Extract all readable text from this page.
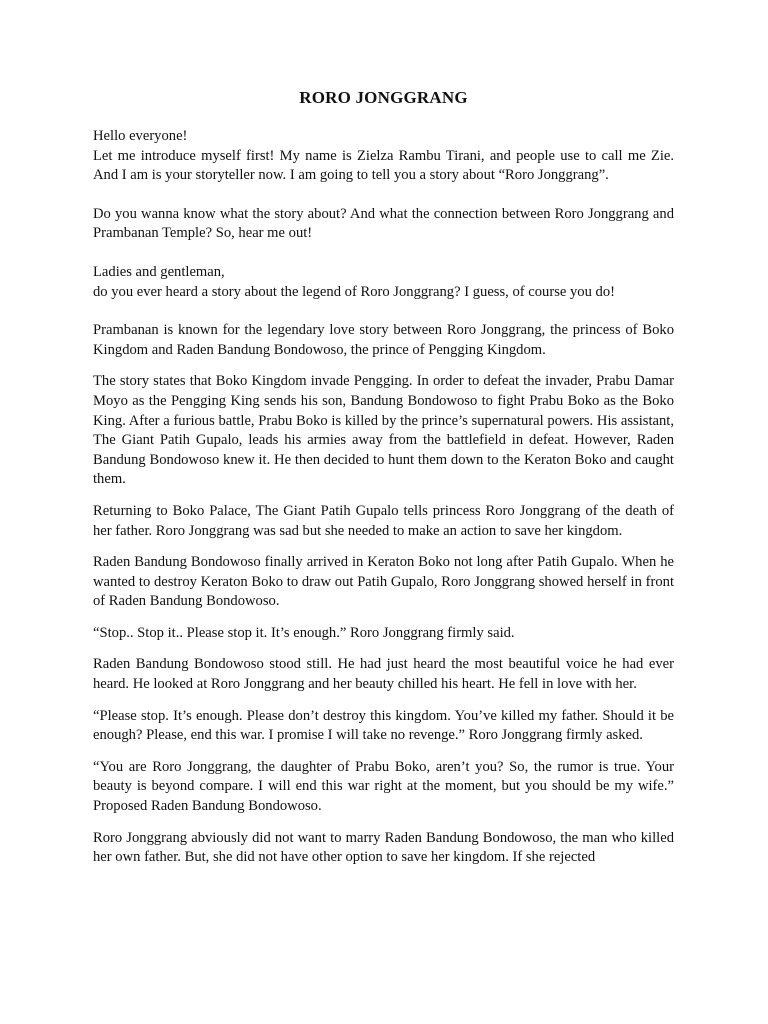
RORO JONGGRANG

Hello everyone!

Let me introduce myself first! My name is Zielza Rambu Tirani, and people use to call me Zie. And I am is your storyteller now. I am going to tell you a story about “Roro Jonggrang”.

Do you wanna know what the story about? And what the connection between Roro Jonggrang and Prambanan Temple? So, hear me out!

Ladies and gentleman,

do you ever heard a story about the legend of Roro Jonggrang? I guess, of course you do!

Prambanan is known for the legendary love story between Roro Jonggrang, the princess of Boko Kingdom and Raden Bandung Bondowoso, the prince of Pengging Kingdom.

The story states that Boko Kingdom invade Pengging. In order to defeat the invader, Prabu Damar Moyo as the Pengging King sends his son, Bandung Bondowoso to fight Prabu Boko as the Boko King. After a furious battle, Prabu Boko is killed by the prince’s supernatural powers. His assistant, The Giant Patih Gupalo, leads his armies away from the battlefield in defeat. However, Raden Bandung Bondowoso knew it. He then decided to hunt them down to the Keraton Boko and caught them.

Returning to Boko Palace, The Giant Patih Gupalo tells princess Roro Jonggrang of the death of her father. Roro Jonggrang was sad but she needed to make an action to save her kingdom.

Raden Bandung Bondowoso finally arrived in Keraton Boko not long after Patih Gupalo. When he wanted to destroy Keraton Boko to draw out Patih Gupalo, Roro Jonggrang showed herself in front of Raden Bandung Bondowoso.

“Stop.. Stop it.. Please stop it. It’s enough.” Roro Jonggrang firmly said.

Raden Bandung Bondowoso stood still. He had just heard the most beautiful voice he had ever heard. He looked at Roro Jonggrang and her beauty chilled his heart. He fell in love with her.

“Please stop. It’s enough. Please don’t destroy this kingdom. You’ve killed my father. Should it be enough? Please, end this war. I promise I will take no revenge.” Roro Jonggrang firmly asked.

“You are Roro Jonggrang, the daughter of Prabu Boko, aren’t you? So, the rumor is true. Your beauty is beyond compare. I will end this war right at the moment, but you should be my wife.” Proposed Raden Bandung Bondowoso.

Roro Jonggrang abviously did not want to marry Raden Bandung Bondowoso, the man who killed her own father. But, she did not have other option to save her kingdom. If she rejected
